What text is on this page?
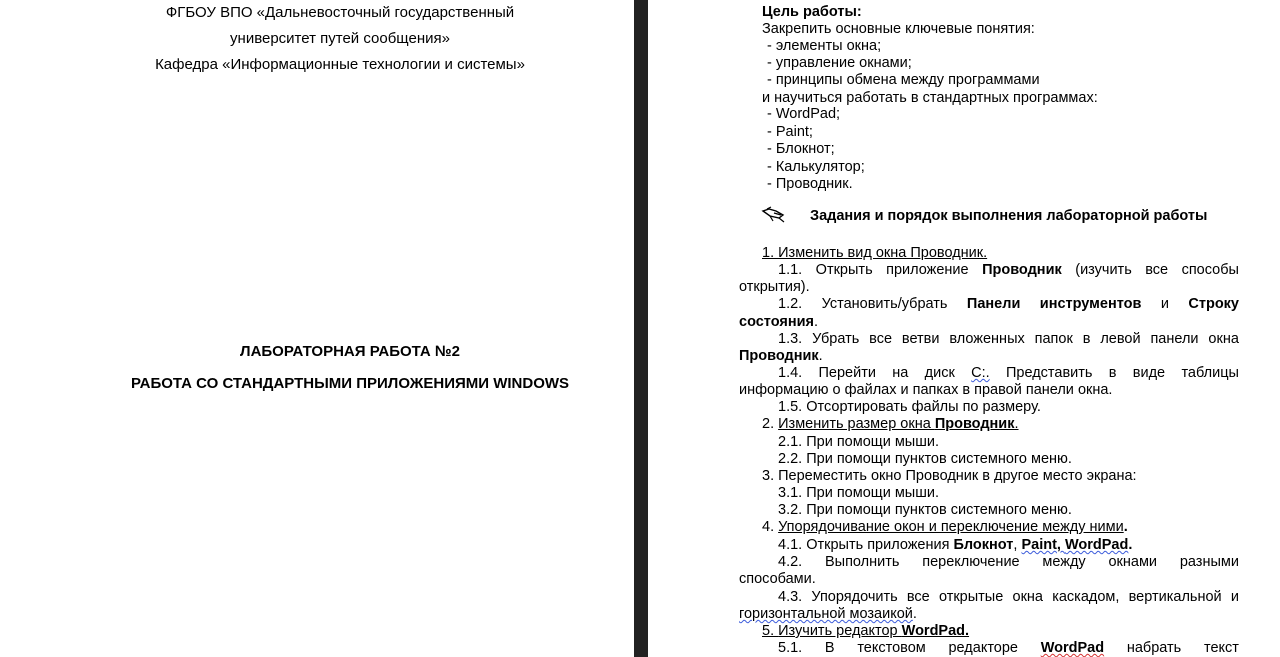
ФГБОУ ВПО «Дальневосточный государственный
университет путей сообщения»
Кафедра «Информационные технологии и системы»
ЛАБОРАТОРНАЯ РАБОТА №2
РАБОТА СО СТАНДАРТНЫМИ ПРИЛОЖЕНИЯМИ WINDOWS
Цель работы:
Закрепить основные ключевые понятия:
- элементы окна;
- управление окнами;
- принципы обмена между программами
и научиться работать в стандартных программах:
- WordPad;
- Paint;
- Блокнот;
- Калькулятор;
- Проводник.
Задания и порядок выполнения лабораторной работы
1. Изменить вид окна Проводник.
1.1. Открыть приложение Проводник (изучить все способы
открытия).
1.2. Установить/убрать Панели инструментов и Строку
состояния.
1.3. Убрать все ветви вложенных папок в левой панели окна
Проводник.
1.4. Перейти на диск С:. Представить в виде таблицы
информацию о файлах и папках в правой панели окна.
1.5. Отсортировать файлы по размеру.
2. Изменить размер окна Проводник.
2.1. При помощи мыши.
2.2. При помощи пунктов системного меню.
3. Переместить окно Проводник в другое место экрана:
3.1. При помощи мыши.
3.2. При помощи пунктов системного меню.
4. Упорядочивание окон и переключение между ними.
4.1. Открыть приложения Блокнот, Paint, WordPad.
4.2. Выполнить переключение между окнами разными
способами.
4.3. Упорядочить все открытые окна каскадом, вертикальной и
горизонтальной мозаикой.
5. Изучить редактор WordPad.
5.1. В текстовом редакторе WordPad набрать текст
